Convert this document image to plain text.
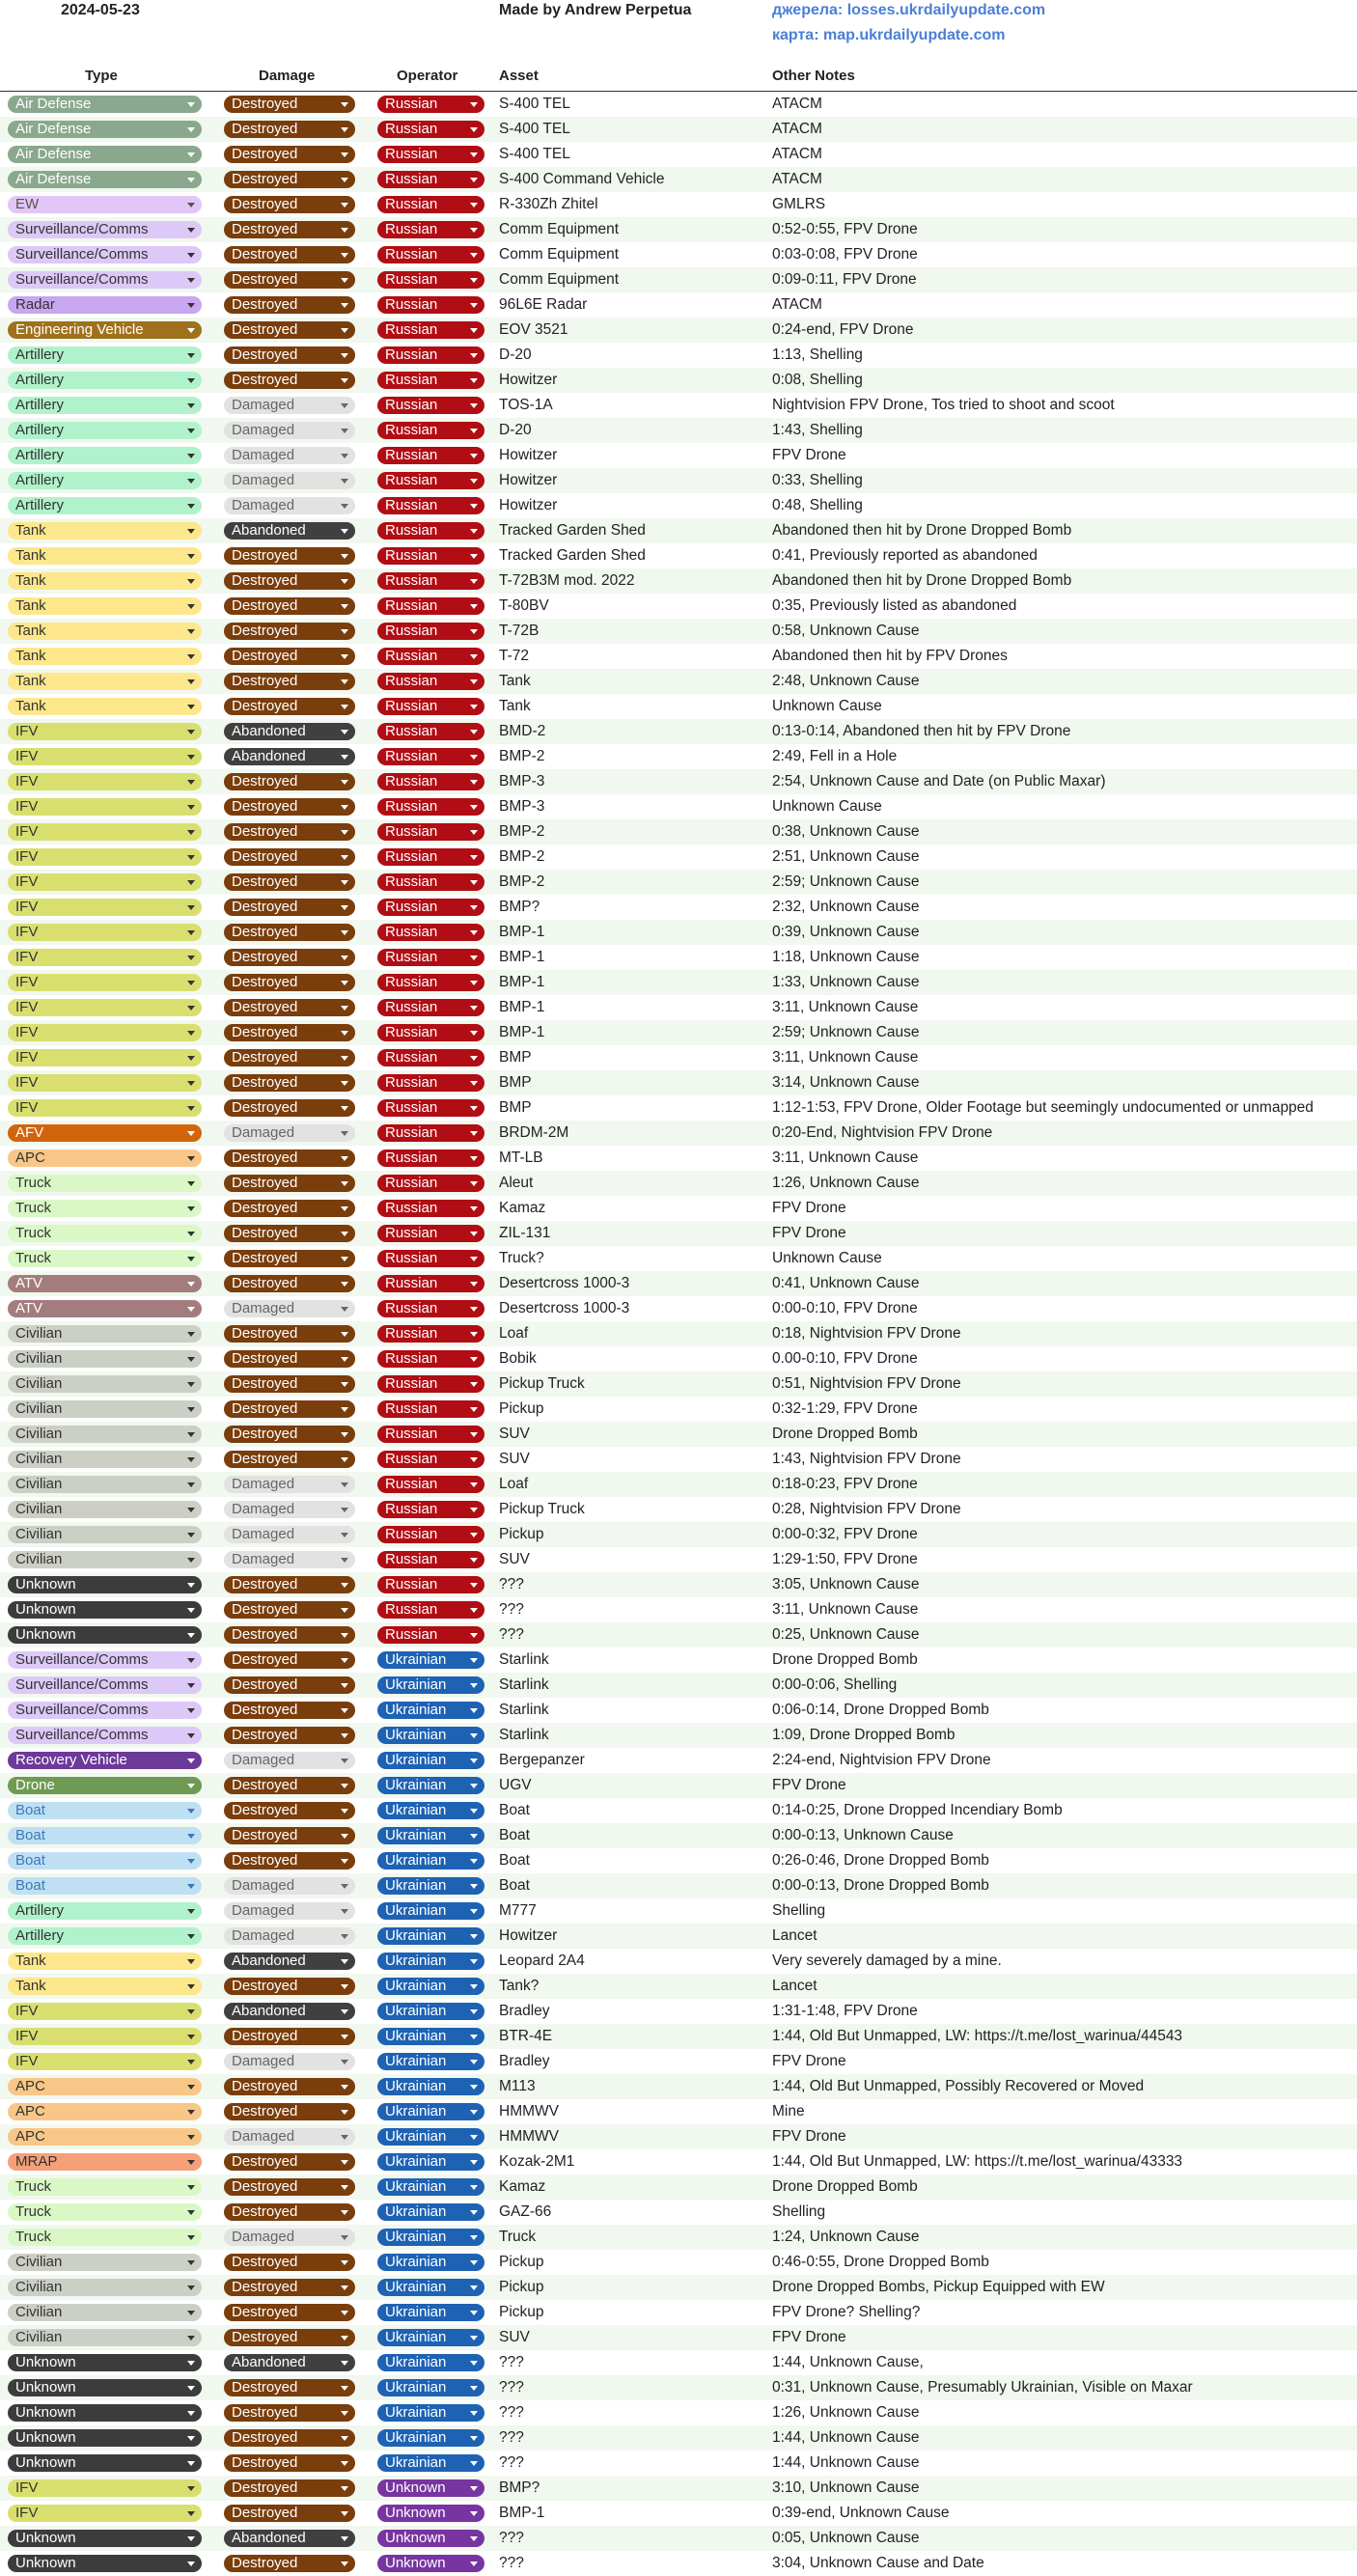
2024-05-23	Made by Andrew Perpetua	джерела: losses.ukrdailyupdate.com
карта: map.ukrdailyupdate.com
Type	Damage	Operator	Asset	Other Notes
Air Defense	Destroyed	Russian	S-400 TEL	ATACM
Air Defense	Destroyed	Russian	S-400 TEL	ATACM
Air Defense	Destroyed	Russian	S-400 TEL	ATACM
Air Defense	Destroyed	Russian	S-400 Command Vehicle	ATACM
EW	Destroyed	Russian	R-330Zh Zhitel	GMLRS
Surveillance/Comms	Destroyed	Russian	Comm Equipment	0:52-0:55, FPV Drone
Surveillance/Comms	Destroyed	Russian	Comm Equipment	0:03-0:08, FPV Drone
Surveillance/Comms	Destroyed	Russian	Comm Equipment	0:09-0:11, FPV Drone
Radar	Destroyed	Russian	96L6E Radar	ATACM
Engineering Vehicle	Destroyed	Russian	EOV 3521	0:24-end, FPV Drone
Artillery	Destroyed	Russian	D-20	1:13, Shelling
Artillery	Destroyed	Russian	Howitzer	0:08, Shelling
Artillery	Damaged	Russian	TOS-1A	Nightvision FPV Drone, Tos tried to shoot and scoot
Artillery	Damaged	Russian	D-20	1:43, Shelling
Artillery	Damaged	Russian	Howitzer	FPV Drone
Artillery	Damaged	Russian	Howitzer	0:33, Shelling
Artillery	Damaged	Russian	Howitzer	0:48, Shelling
Tank	Abandoned	Russian	Tracked Garden Shed	Abandoned then hit by Drone Dropped Bomb
Tank	Destroyed	Russian	Tracked Garden Shed	0:41, Previously reported as abandoned
Tank	Destroyed	Russian	T-72B3M mod. 2022	Abandoned then hit by Drone Dropped Bomb
Tank	Destroyed	Russian	T-80BV	0:35, Previously listed as abandoned
Tank	Destroyed	Russian	T-72B	0:58, Unknown Cause
Tank	Destroyed	Russian	T-72	Abandoned then hit by FPV Drones
Tank	Destroyed	Russian	Tank	2:48, Unknown Cause
Tank	Destroyed	Russian	Tank	Unknown Cause
IFV	Abandoned	Russian	BMD-2	0:13-0:14, Abandoned then hit by FPV Drone
IFV	Abandoned	Russian	BMP-2	2:49, Fell in a Hole
IFV	Destroyed	Russian	BMP-3	2:54, Unknown Cause and Date (on Public Maxar)
IFV	Destroyed	Russian	BMP-3	Unknown Cause
IFV	Destroyed	Russian	BMP-2	0:38, Unknown Cause
IFV	Destroyed	Russian	BMP-2	2:51, Unknown Cause
IFV	Destroyed	Russian	BMP-2	2:59; Unknown Cause
IFV	Destroyed	Russian	BMP?	2:32, Unknown Cause
IFV	Destroyed	Russian	BMP-1	0:39, Unknown Cause
IFV	Destroyed	Russian	BMP-1	1:18, Unknown Cause
IFV	Destroyed	Russian	BMP-1	1:33, Unknown Cause
IFV	Destroyed	Russian	BMP-1	3:11, Unknown Cause
IFV	Destroyed	Russian	BMP-1	2:59; Unknown Cause
IFV	Destroyed	Russian	BMP	3:11, Unknown Cause
IFV	Destroyed	Russian	BMP	3:14, Unknown Cause
IFV	Destroyed	Russian	BMP	1:12-1:53, FPV Drone, Older Footage but seemingly undocumented or unmapped
AFV	Damaged	Russian	BRDM-2M	0:20-End, Nightvision FPV Drone
APC	Destroyed	Russian	MT-LB	3:11, Unknown Cause
Truck	Destroyed	Russian	Aleut	1:26, Unknown Cause
Truck	Destroyed	Russian	Kamaz	FPV Drone
Truck	Destroyed	Russian	ZIL-131	FPV Drone
Truck	Destroyed	Russian	Truck?	Unknown Cause
ATV	Destroyed	Russian	Desertcross 1000-3	0:41, Unknown Cause
ATV	Damaged	Russian	Desertcross 1000-3	0:00-0:10, FPV Drone
Civilian	Destroyed	Russian	Loaf	0:18, Nightvision FPV Drone
Civilian	Destroyed	Russian	Bobik	0.00-0:10, FPV Drone
Civilian	Destroyed	Russian	Pickup Truck	0:51, Nightvision FPV Drone
Civilian	Destroyed	Russian	Pickup	0:32-1:29, FPV Drone
Civilian	Destroyed	Russian	SUV	Drone Dropped Bomb
Civilian	Destroyed	Russian	SUV	1:43, Nightvision FPV Drone
Civilian	Damaged	Russian	Loaf	0:18-0:23, FPV Drone
Civilian	Damaged	Russian	Pickup Truck	0:28, Nightvision FPV Drone
Civilian	Damaged	Russian	Pickup	0:00-0:32, FPV Drone
Civilian	Damaged	Russian	SUV	1:29-1:50, FPV Drone
Unknown	Destroyed	Russian	???	3:05, Unknown Cause
Unknown	Destroyed	Russian	???	3:11, Unknown Cause
Unknown	Destroyed	Russian	???	0:25, Unknown Cause
Surveillance/Comms	Destroyed	Ukrainian	Starlink	Drone Dropped Bomb
Surveillance/Comms	Destroyed	Ukrainian	Starlink	0:00-0:06, Shelling
Surveillance/Comms	Destroyed	Ukrainian	Starlink	0:06-0:14, Drone Dropped Bomb
Surveillance/Comms	Destroyed	Ukrainian	Starlink	1:09, Drone Dropped Bomb
Recovery Vehicle	Damaged	Ukrainian	Bergepanzer	2:24-end, Nightvision FPV Drone
Drone	Destroyed	Ukrainian	UGV	FPV Drone
Boat	Destroyed	Ukrainian	Boat	0:14-0:25, Drone Dropped Incendiary Bomb
Boat	Destroyed	Ukrainian	Boat	0:00-0:13, Unknown Cause
Boat	Destroyed	Ukrainian	Boat	0:26-0:46, Drone Dropped Bomb
Boat	Damaged	Ukrainian	Boat	0:00-0:13, Drone Dropped Bomb
Artillery	Damaged	Ukrainian	M777	Shelling
Artillery	Damaged	Ukrainian	Howitzer	Lancet
Tank	Abandoned	Ukrainian	Leopard 2A4	Very severely damaged by a mine.
Tank	Destroyed	Ukrainian	Tank?	Lancet
IFV	Abandoned	Ukrainian	Bradley	1:31-1:48, FPV Drone
IFV	Destroyed	Ukrainian	BTR-4E	1:44, Old But Unmapped, LW: https://t.me/lost_warinua/44543
IFV	Damaged	Ukrainian	Bradley	FPV Drone
APC	Destroyed	Ukrainian	M113	1:44, Old But Unmapped, Possibly Recovered or Moved
APC	Destroyed	Ukrainian	HMMWV	Mine
APC	Damaged	Ukrainian	HMMWV	FPV Drone
MRAP	Destroyed	Ukrainian	Kozak-2M1	1:44, Old But Unmapped, LW: https://t.me/lost_warinua/43333
Truck	Destroyed	Ukrainian	Kamaz	Drone Dropped Bomb
Truck	Destroyed	Ukrainian	GAZ-66	Shelling
Truck	Damaged	Ukrainian	Truck	1:24, Unknown Cause
Civilian	Destroyed	Ukrainian	Pickup	0:46-0:55, Drone Dropped Bomb
Civilian	Destroyed	Ukrainian	Pickup	Drone Dropped Bombs, Pickup Equipped with EW
Civilian	Destroyed	Ukrainian	Pickup	FPV Drone? Shelling?
Civilian	Destroyed	Ukrainian	SUV	FPV Drone
Unknown	Abandoned	Ukrainian	???	1:44, Unknown Cause,
Unknown	Destroyed	Ukrainian	???	0:31, Unknown Cause, Presumably Ukrainian, Visible on Maxar
Unknown	Destroyed	Ukrainian	???	1:26, Unknown Cause
Unknown	Destroyed	Ukrainian	???	1:44, Unknown Cause
Unknown	Destroyed	Ukrainian	???	1:44, Unknown Cause
IFV	Destroyed	Unknown	BMP?	3:10, Unknown Cause
IFV	Destroyed	Unknown	BMP-1	0:39-end, Unknown Cause
Unknown	Abandoned	Unknown	???	0:05, Unknown Cause
Unknown	Destroyed	Unknown	???	3:04, Unknown Cause and Date
